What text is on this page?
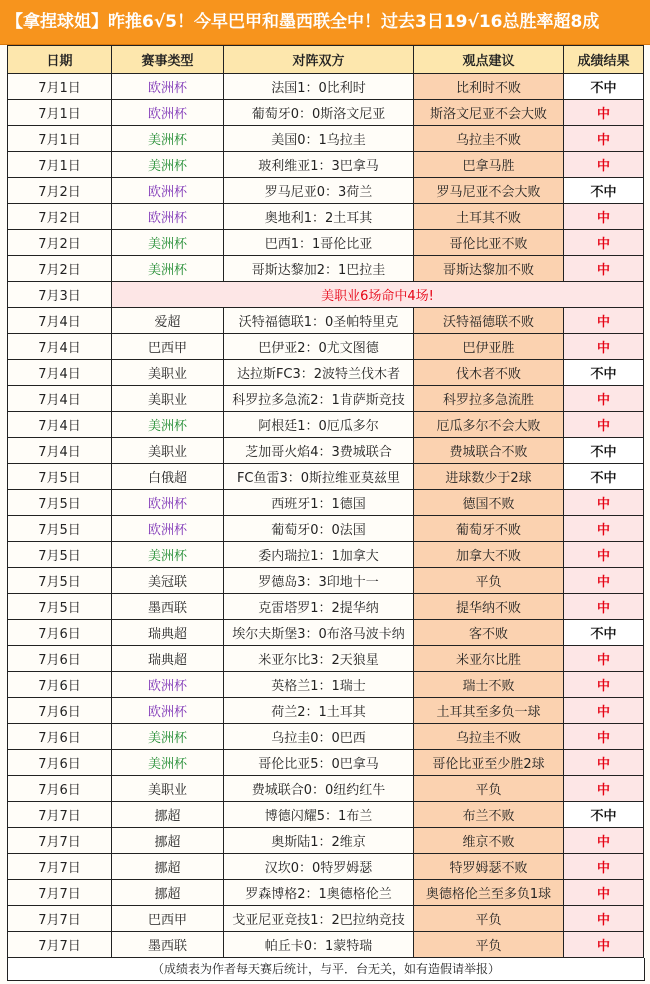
【拿捏球姐】昨推6√5！今早巴甲和墨西联全中！过去3日19√16总胜率超8成
日期	赛事类型	对阵双方	观点建议	成绩结果
7月1日	欧洲杯	法国1：0比利时	比利时不败	不中
7月1日	欧洲杯	葡萄牙0：0斯洛文尼亚	斯洛文尼亚不会大败	中
7月1日	美洲杯	美国0：1乌拉圭	乌拉圭不败	中
7月1日	美洲杯	玻利维亚1：3巴拿马	巴拿马胜	中
7月2日	欧洲杯	罗马尼亚0：3荷兰	罗马尼亚不会大败	不中
7月2日	欧洲杯	奥地利1：2土耳其	土耳其不败	中
7月2日	美洲杯	巴西1：1哥伦比亚	哥伦比亚不败	中
7月2日	美洲杯	哥斯达黎加2：1巴拉圭	哥斯达黎加不败	中
7月3日	美职业6场命中4场!			
7月4日	爱超	沃特福德联1：0圣帕特里克	沃特福德联不败	中
7月4日	巴西甲	巴伊亚2：0尤文图德	巴伊亚胜	中
7月4日	美职业	达拉斯FC3：2波特兰伐木者	伐木者不败	不中
7月4日	美职业	科罗拉多急流2：1肯萨斯竞技	科罗拉多急流胜	中
7月4日	美洲杯	阿根廷1：0厄瓜多尔	厄瓜多尔不会大败	中
7月4日	美职业	芝加哥火焰4：3费城联合	费城联合不败	不中
7月5日	白俄超	FC鱼雷3：0斯拉维亚莫兹里	进球数少于2球	不中
7月5日	欧洲杯	西班牙1：1德国	德国不败	中
7月5日	欧洲杯	葡萄牙0：0法国	葡萄牙不败	中
7月5日	美洲杯	委内瑞拉1：1加拿大	加拿大不败	中
7月5日	美冠联	罗德岛3：3印地十一	平负	中
7月5日	墨西联	克雷塔罗1：2提华纳	提华纳不败	中
7月6日	瑞典超	埃尔夫斯堡3：0布洛马波卡纳	客不败	不中
7月6日	瑞典超	米亚尔比3：2天狼星	米亚尔比胜	中
7月6日	欧洲杯	英格兰1：1瑞士	瑞士不败	中
7月6日	欧洲杯	荷兰2：1土耳其	土耳其至多负一球	中
7月6日	美洲杯	乌拉圭0：0巴西	乌拉圭不败	中
7月6日	美洲杯	哥伦比亚5：0巴拿马	哥伦比亚至少胜2球	中
7月6日	美职业	费城联合0：0纽约红牛	平负	中
7月7日	挪超	博德闪耀5：1布兰	布兰不败	不中
7月7日	挪超	奥斯陆1：2维京	维京不败	中
7月7日	挪超	汉坎0：0特罗姆瑟	特罗姆瑟不败	中
7月7日	挪超	罗森博格2：1奥德格伦兰	奥德格伦兰至多负1球	中
7月7日	巴西甲	戈亚尼亚竞技1：2巴拉纳竞技	平负	中
7月7日	墨西联	帕丘卡0：1蒙特瑞	平负	中
（成绩表为作者每天赛后统计，与平．台无关，如有造假请举报）
